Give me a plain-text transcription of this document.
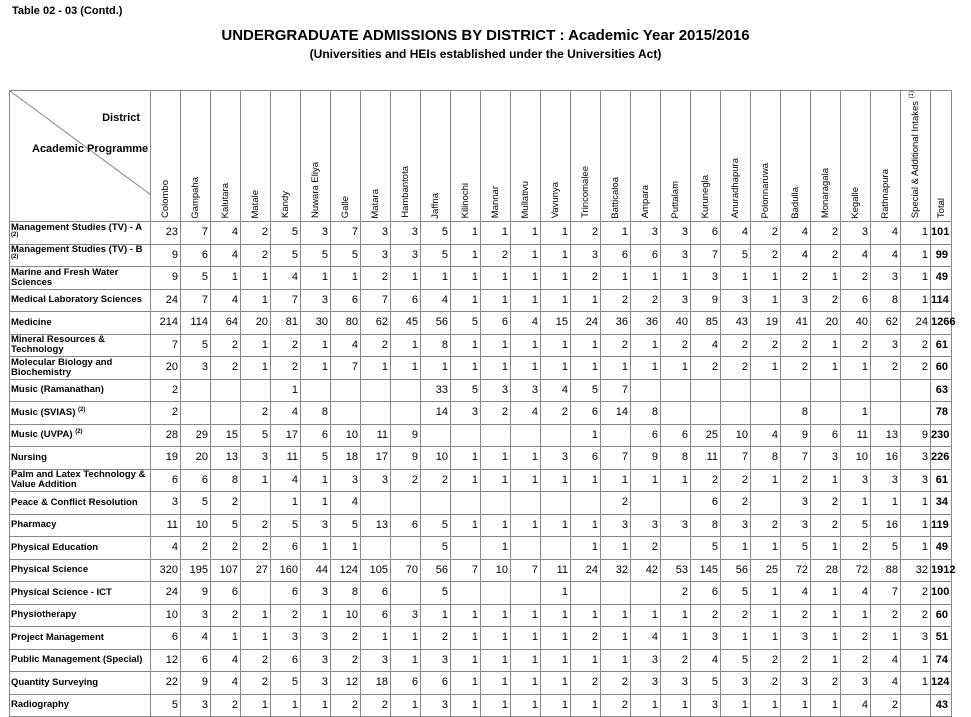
Table 02 - 03 (Contd.)
UNDERGRADUATE ADMISSIONS BY DISTRICT : Academic Year 2015/2016
(Universities and HEIs established under the Universities Act)
District
Academic Programme	Colombo	Gampaha	Kalutara	Matale	Kandy	Nuwara Eliya	Galle	Matara	Hambantota	Jaffna	Kilinochi	Mannar	Mullativu	Vavunya	Trincomalee	Batticaloa	Ampara	Puttalam	Kurunegla	Anuradhapura	Polonnaruwa	Badulla	Monaragala	Kegalle	Rathnapura	Special & Additional Intakes $^{(1)}$	Total

Management Studies (TV) - A $^{(2)}$	23	7	4	2	5	3	7	3	3	5	1	1	1	1	2	1	3	3	6	4	2	4	2	3	4	1	101
Management Studies (TV) - B $^{(2)}$	9	6	4	2	5	5	5	3	3	5	1	2	1	1	3	6	6	3	7	5	2	4	2	4	4	1	99
Marine and Fresh Water Sciences	9	5	1	1	4	1	1	2	1	1	1	1	1	1	2	1	1	1	3	1	1	2	1	2	3	1	49
Medical Laboratory Sciences	24	7	4	1	7	3	6	7	6	4	1	1	1	1	1	2	2	3	9	3	1	3	2	6	8	1	114
Medicine	214	114	64	20	81	30	80	62	45	56	5	6	4	15	24	36	36	40	85	43	19	41	20	40	62	24	1266
Mineral Resources & Technology	7	5	2	1	2	1	4	2	1	8	1	1	1	1	1	2	1	2	4	2	2	2	1	2	3	2	61
Molecular Biology and Biochemistry	20	3	2	1	2	1	7	1	1	1	1	1	1	1	1	1	1	1	2	2	1	2	1	1	2	2	60
Music (Ramanathan)	2				1					33	5	3	3	4	5	7											63
Music (SVIAS) $^{(2)}$	2			2	4	8				14	3	2	4	2	6	14	8					8		1			78
Music (UVPA) $^{(2)}$	28	29	15	5	17	6	10	11	9						1		6	6	25	10	4	9	6	11	13	9	230
Nursing	19	20	13	3	11	5	18	17	9	10	1	1	1	3	6	7	9	8	11	7	8	7	3	10	16	3	226
Palm and Latex Technology & Value Addition	6	6	8	1	4	1	3	3	2	2	1	1	1	1	1	1	1	1	2	2	1	2	1	3	3	3	61
Peace & Conflict Resolution	3	5	2		1	1	4									2			6	2		3	2	1	1	1	34
Pharmacy	11	10	5	2	5	3	5	13	6	5	1	1	1	1	1	3	3	3	8	3	2	3	2	5	16	1	119
Physical Education	4	2	2	2	6	1	1			5		1			1	1	2		5	1	1	5	1	2	5	1	49
Physical Science	320	195	107	27	160	44	124	105	70	56	7	10	7	11	24	32	42	53	145	56	25	72	28	72	88	32	1912
Physical Science - ICT	24	9	6		6	3	8	6		5				1				2	6	5	1	4	1	4	7	2	100
Physiotherapy	10	3	2	1	2	1	10	6	3	1	1	1	1	1	1	1	1	1	2	2	1	2	1	1	2	2	60
Project Management	6	4	1	1	3	3	2	1	1	2	1	1	1	1	2	1	4	1	3	1	1	3	1	2	1	3	51
Public Management (Special)	12	6	4	2	6	3	2	3	1	3	1	1	1	1	1	1	3	2	4	5	2	2	1	2	4	1	74
Quantity Surveying	22	9	4	2	5	3	12	18	6	6	1	1	1	1	2	2	3	3	5	3	2	3	2	3	4	1	124
Radiography	5	3	2	1	1	1	2	2	1	3	1	1	1	1	1	2	1	1	3	1	1	1	1	4	2		43
